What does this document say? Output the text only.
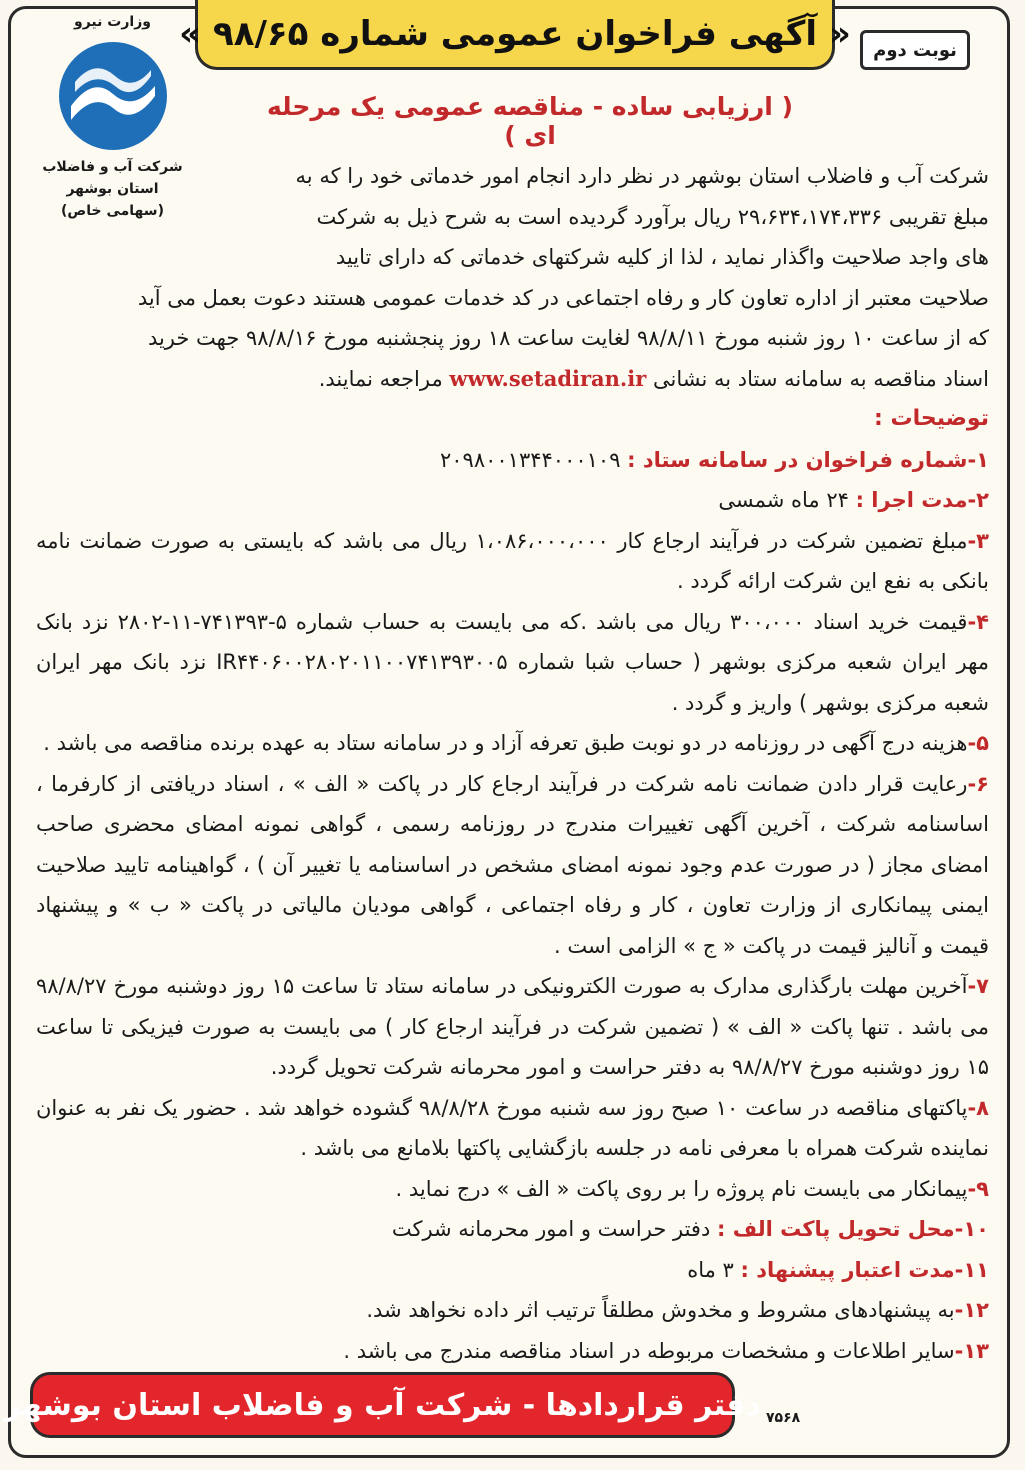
« آگهی فراخوان عمومی شماره ۹۸/۶۵ »	نوبت دوم
( ارزیابی ساده - مناقصه عمومی یک مرحله ای )
وزارت نیرو
شرکت آب و فاضلاب
استان بوشهر
(سهامی خاص)

شرکت آب و فاضلاب استان بوشهر در نظر دارد انجام امور خدماتی خود را که به

مبلغ تقریبی ۲۹،۶۳۴،۱۷۴،۳۳۶ ریال برآورد گردیده است به شرح ذیل به شرکت

های واجد صلاحیت واگذار نماید ، لذا از کلیه شرکتهای خدماتی که دارای تایید

صلاحیت معتبر از اداره تعاون کار و رفاه اجتماعی در کد خدمات عمومی هستند دعوت بعمل می آید

که از ساعت ۱۰ روز شنبه مورخ ۹۸/۸/۱۱ لغایت ساعت ۱۸ روز پنجشنبه مورخ ۹۸/۸/۱۶ جهت خرید

اسناد مناقصه به سامانه ستاد به نشانی www.setadiran.ir مراجعه نمایند.

توضیحات :

۱-شماره فراخوان در سامانه ستاد : ۲۰۹۸۰۰۱۳۴۴۰۰۰۱۰۹

۲-مدت اجرا : ۲۴ ماه شمسی

۳-مبلغ تضمین شرکت در فرآیند ارجاع کار ۱،۰۸۶،۰۰۰،۰۰۰ ریال می باشد که بایستی به صورت ضمانت نامه بانکی به نفع این شرکت ارائه گردد .

۴-قیمت خرید اسناد ۳۰۰،۰۰۰ ریال می باشد .که می بایست به حساب شماره ۵-۷۴۱۳۹۳-۱۱-۲۸۰۲ نزد بانک مهر ایران شعبه مرکزی بوشهر ( حساب شبا شماره IR۴۴۰۶۰۰۲۸۰۲۰۱۱۰۰۷۴۱۳۹۳۰۰۵ نزد بانک مهر ایران شعبه مرکزی بوشهر ) واریز و گردد .

۵-هزینه درج آگهی در روزنامه در دو نوبت طبق تعرفه آزاد و در سامانه ستاد به عهده برنده مناقصه می باشد .

۶-رعایت قرار دادن ضمانت نامه شرکت در فرآیند ارجاع کار در پاکت « الف » ، اسناد دریافتی از کارفرما ، اساسنامه شرکت ، آخرین آگهی تغییرات مندرج در روزنامه رسمی ، گواهی نمونه امضای محضری صاحب امضای مجاز ( در صورت عدم وجود نمونه امضای مشخص در اساسنامه یا تغییر آن ) ، گواهینامه تایید صلاحیت ایمنی پیمانکاری از وزارت تعاون ، کار و رفاه اجتماعی ، گواهی مودیان مالیاتی در پاکت « ب » و پیشنهاد قیمت و آنالیز قیمت در پاکت « ج » الزامی است .

۷-آخرین مهلت بارگذاری مدارک به صورت الکترونیکی در سامانه ستاد تا ساعت ۱۵ روز دوشنبه مورخ ۹۸/۸/۲۷ می باشد . تنها پاکت « الف » ( تضمین شرکت در فرآیند ارجاع کار ) می بایست به صورت فیزیکی تا ساعت ۱۵ روز دوشنبه مورخ ۹۸/۸/۲۷ به دفتر حراست و امور محرمانه شرکت تحویل گردد.

۸-پاکتهای مناقصه در ساعت ۱۰ صبح روز سه شنبه مورخ ۹۸/۸/۲۸ گشوده خواهد شد . حضور یک نفر به عنوان نماینده شرکت همراه با معرفی نامه در جلسه بازگشایی پاکتها بلامانع می باشد .

۹-پیمانکار می بایست نام پروژه را بر روی پاکت « الف » درج نماید .

۱۰-محل تحویل پاکت الف : دفتر حراست و امور محرمانه شرکت

۱۱-مدت اعتبار پیشنهاد : ۳ ماه

۱۲-به پیشنهادهای مشروط و مخدوش مطلقاً ترتیب اثر داده نخواهد شد.

۱۳-سایر اطلاعات و مشخصات مربوطه در اسناد مناقصه مندرج می باشد .

دفتر قراردادها - شرکت آب و فاضلاب استان بوشهر ۷۵۶۸
